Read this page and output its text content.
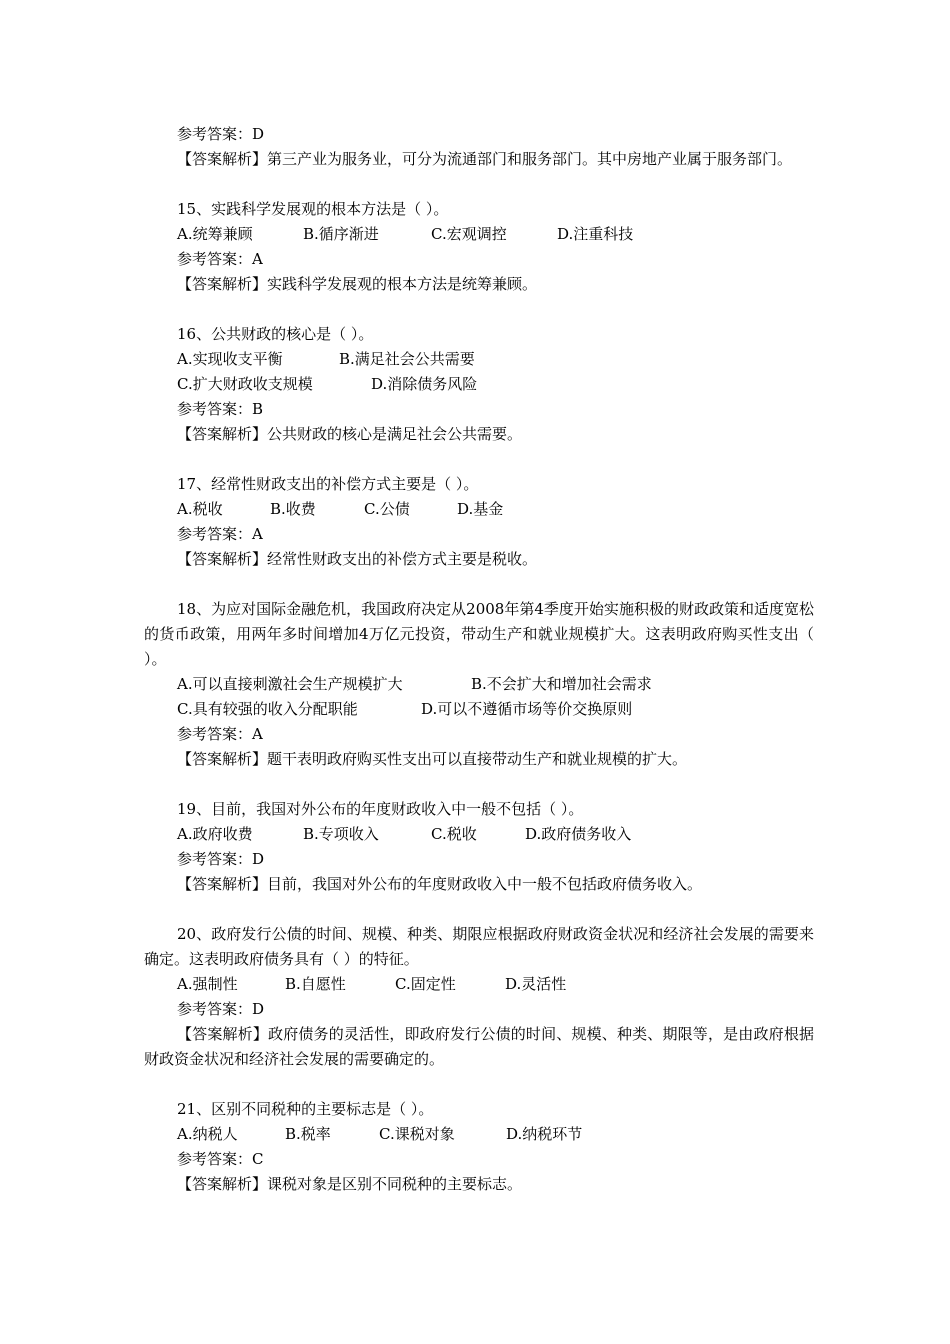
参考答案：D
【答案解析】第三产业为服务业，可分为流通部门和服务部门。其中房地产业属于服务部门。
15、实践科学发展观的根本方法是（ ）。
A.统筹兼顾	B.循序渐进	C.宏观调控	D.注重科技
参考答案：A
【答案解析】实践科学发展观的根本方法是统筹兼顾。
16、公共财政的核心是（ ）。
A.实现收支平衡	B.满足社会公共需要
C.扩大财政收支规模	D.消除债务风险
参考答案：B
【答案解析】公共财政的核心是满足社会公共需要。
17、经常性财政支出的补偿方式主要是（ ）。
A.税收	B.收费	C.公债	D.基金
参考答案：A
【答案解析】经常性财政支出的补偿方式主要是税收。
18、为应对国际金融危机，我国政府决定从2008年第4季度开始实施积极的财政政策和适度宽松的货币政策，用两年多时间增加4万亿元投资，带动生产和就业规模扩大。这表明政府购买性支出（ ）。
A.可以直接刺激社会生产规模扩大	B.不会扩大和增加社会需求
C.具有较强的收入分配职能	D.可以不遵循市场等价交换原则
参考答案：A
【答案解析】题干表明政府购买性支出可以直接带动生产和就业规模的扩大。
19、目前，我国对外公布的年度财政收入中一般不包括（ ）。
A.政府收费	B.专项收入	C.税收	D.政府债务收入
参考答案：D
【答案解析】目前，我国对外公布的年度财政收入中一般不包括政府债务收入。
20、政府发行公债的时间、规模、种类、期限应根据政府财政资金状况和经济社会发展的需要来确定。这表明政府债务具有（ ）的特征。
A.强制性	B.自愿性	C.固定性	D.灵活性
参考答案：D
【答案解析】政府债务的灵活性，即政府发行公债的时间、规模、种类、期限等，是由政府根据财政资金状况和经济社会发展的需要确定的。
21、区别不同税种的主要标志是（ ）。
A.纳税人	B.税率	C.课税对象	D.纳税环节
参考答案：C
【答案解析】课税对象是区别不同税种的主要标志。
